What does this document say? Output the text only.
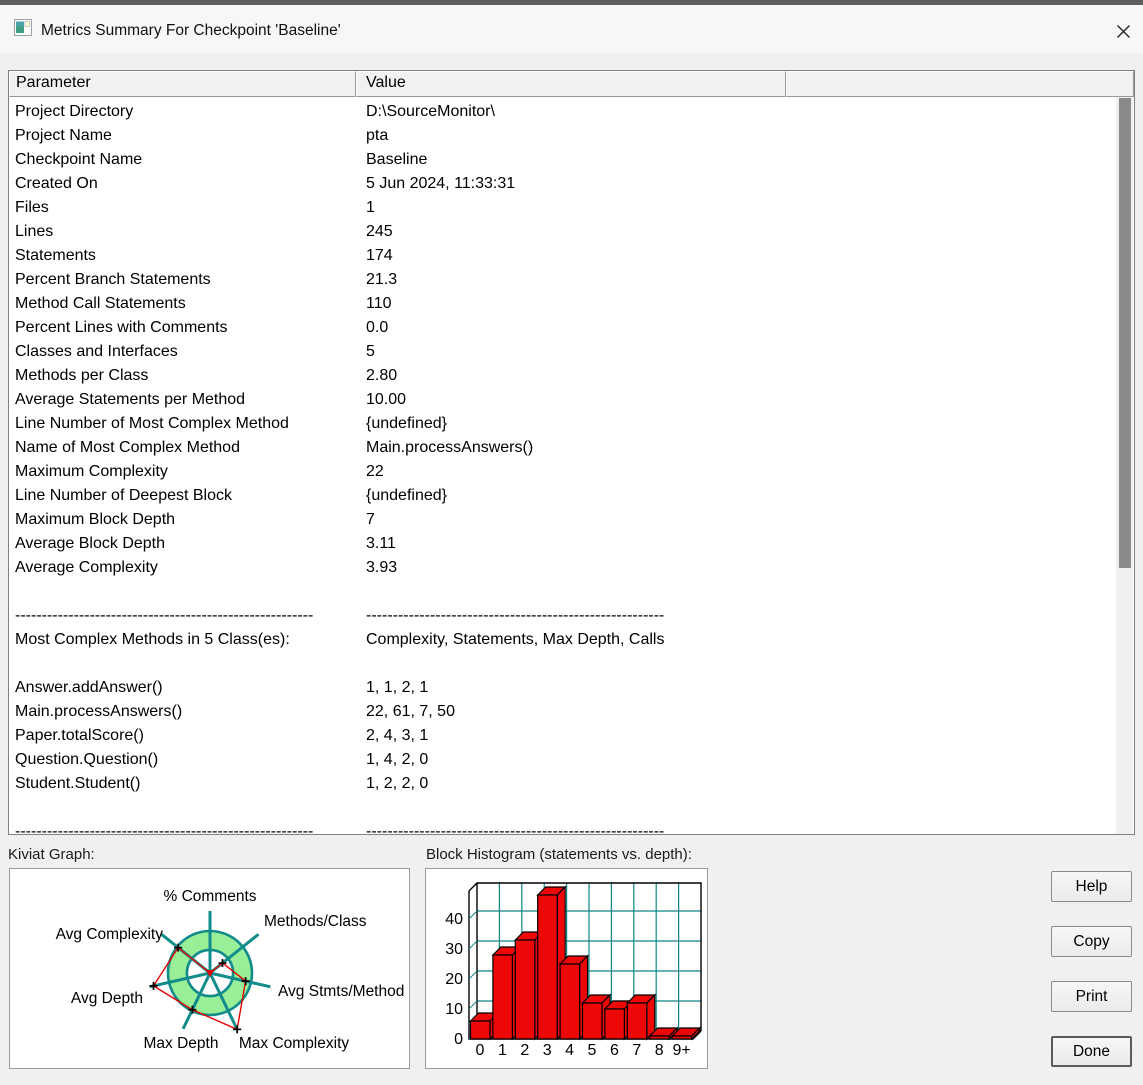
Metrics Summary For Checkpoint 'Baseline'
Parameter	Value
Project Directory	D:\SourceMonitor\
Project Name	pta
Checkpoint Name	Baseline
Created On	5 Jun 2024, 11:33:31
Files	1
Lines	245
Statements	174
Percent Branch Statements	21.3
Method Call Statements	110
Percent Lines with Comments	0.0
Classes and Interfaces	5
Methods per Class	2.80
Average Statements per Method	10.00
Line Number of Most Complex Method	{undefined}
Name of Most Complex Method	Main.processAnswers()
Maximum Complexity	22
Line Number of Deepest Block	{undefined}
Maximum Block Depth	7
Average Block Depth	3.11
Average Complexity	3.93
--------------------------------------------------------	--------------------------------------------------------
Most Complex Methods in 5 Class(es):	Complexity, Statements, Max Depth, Calls
Answer.addAnswer()	1, 1, 2, 1
Main.processAnswers()	22, 61, 7, 50
Paper.totalScore()	2, 4, 3, 1
Question.Question()	1, 4, 2, 0
Student.Student()	1, 2, 2, 0
--------------------------------------------------------	--------------------------------------------------------
Kiviat Graph:	Block Histogram (statements vs. depth):
% Comments
Methods/Class
Avg Stmts/Method
Max Complexity
Max Depth
Avg Depth
Avg Complexity
0
10
20
30
40
0 1 2 3 4 5 6 7 8 9+
Help
Copy
Print
Done
